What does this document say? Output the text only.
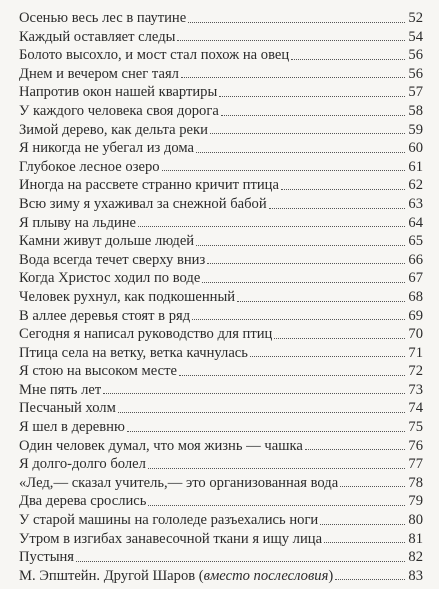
Осенью весь лес в паутине	52
Каждый оставляет следы	54
Болото высохло, и мост стал похож на овец	56
Днем и вечером снег таял	56
Напротив окон нашей квартиры	57
У каждого человека своя дорога	58
Зимой дерево, как дельта реки	59
Я никогда не убегал из дома	60
Глубокое лесное озеро	61
Иногда на рассвете странно кричит птица	62
Всю зиму я ухаживал за снежной бабой	63
Я плыву на льдине	64
Камни живут дольше людей	65
Вода всегда течет сверху вниз	66
Когда Христос ходил по воде	67
Человек рухнул, как подкошенный	68
В аллее деревья стоят в ряд	69
Сегодня я написал руководство для птиц	70
Птица села на ветку, ветка качнулась	71
Я стою на высоком месте	72
Мне пять лет	73
Песчаный холм	74
Я шел в деревню	75
Один человек думал, что моя жизнь — чашка	76
Я долго-долго болел	77
«Лед,— сказал учитель,— это организованная вода	78
Два дерева срослись	79
У старой машины на гололеде разъехались ноги	80
Утром в изгибах занавесочной ткани я ищу лица	81
Пустыня	82
М. Эпштейн. Другой Шаров (вместо послесловия)	83
